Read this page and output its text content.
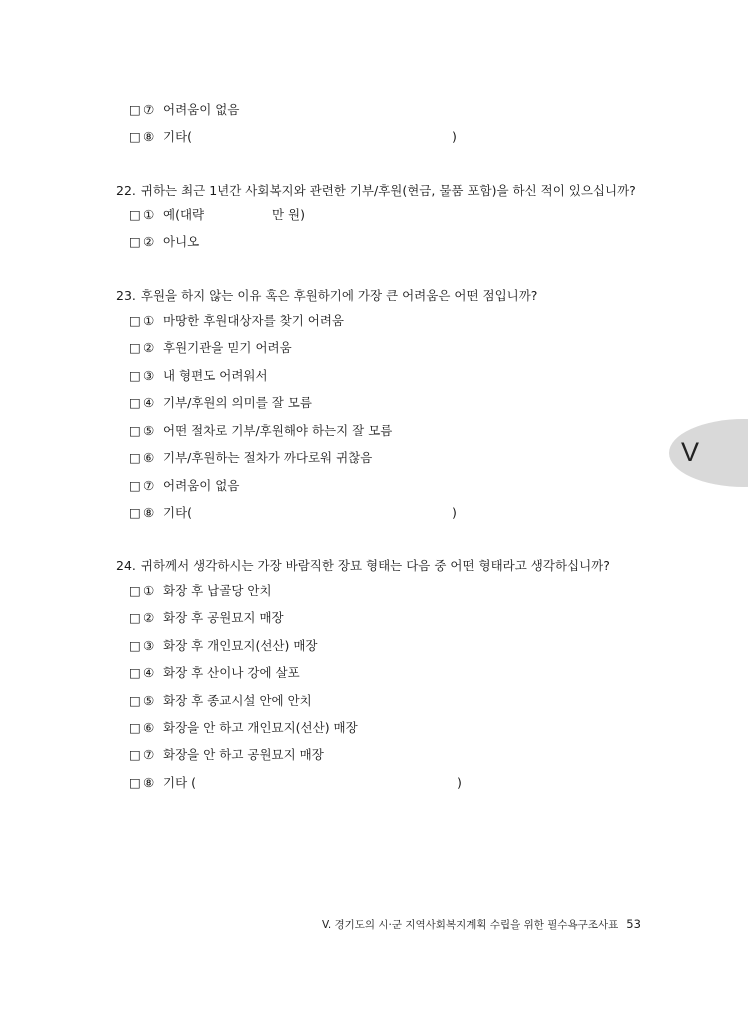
□ ⑦ 어려움이 없음
□ ⑧ 기타(	)
22. 귀하는 최근 1년간 사회복지와 관련한 기부/후원(현금, 물품 포함)을 하신 적이 있으십니까?
□ ① 예(대략	만 원)
□ ② 아니오
23. 후원을 하지 않는 이유 혹은 후원하기에 가장 큰 어려움은 어떤 점입니까?
□ ① 마땅한 후원대상자를 찾기 어려움
□ ② 후원기관을 믿기 어려움
□ ③ 내 형편도 어려워서
□ ④ 기부/후원의 의미를 잘 모름
□ ⑤ 어떤 절차로 기부/후원해야 하는지 잘 모름
□ ⑥ 기부/후원하는 절차가 까다로워 귀찮음
□ ⑦ 어려움이 없음
□ ⑧ 기타(	)
24. 귀하께서 생각하시는 가장 바람직한 장묘 형태는 다음 중 어떤 형태라고 생각하십니까?
□ ① 화장 후 납골당 안치
□ ② 화장 후 공원묘지 매장
□ ③ 화장 후 개인묘지(선산) 매장
□ ④ 화장 후 산이나 강에 살포
□ ⑤ 화장 후 종교시설 안에 안치
□ ⑥ 화장을 안 하고 개인묘지(선산) 매장
□ ⑦ 화장을 안 하고 공원묘지 매장
□ ⑧ 기타 (	)
V
V. 경기도의 시·군 지역사회복지계획 수립을 위한 필수욕구조사표 53
